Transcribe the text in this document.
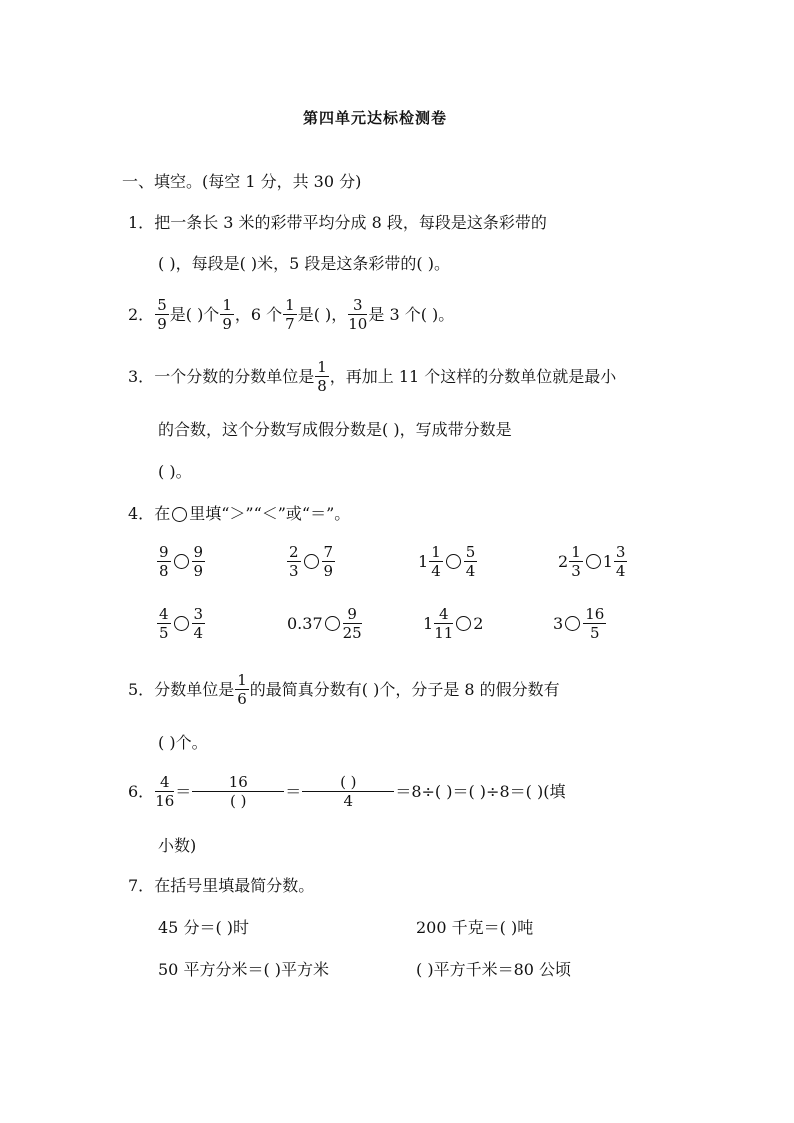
第四单元达标检测卷
一、填空。(每空 1 分，共 30 分)
1．把一条长 3 米的彩带平均分成 8 段，每段是这条彩带的
( )，每段是( )米，5 段是这条彩带的( )。
2． $\frac{5}{9}$ 是( )个 $\frac{1}{9}$ ，6 个 $\frac{1}{7}$ 是( )， $\frac{3}{10}$ 是 3 个( )。
3． 一个分数的分数单位是 $\frac{1}{8}$ ，再加上 11 个这样的分数单位就是最小
的合数，这个分数写成假分数是( )，写成带分数是
( )。
4． 在 里填“＞”“＜”或“＝”。
$\frac{9}{8} \frac{9}{9}$	$\frac{2}{3} \frac{7}{9}$	$1 \frac{1}{4} \frac{5}{4}$	$2 \frac{1}{3} 1 \frac{3}{4}$
$\frac{4}{5} \frac{3}{4}$	$0.37 \frac{9}{25}$	$1 \frac{4}{11} 2$	$3 \frac{16}{5}$
5． 分数单位是 $\frac{1}{6}$ 的最简真分数有( )个，分子是 8 的假分数有
( )个。
6． $\frac{4}{16} = \frac{16}{( )} = \frac{( )}{4} =8\div$( )＝( )÷8＝( )(填
小数)
7．在括号里填最简分数。
45 分＝( )时	200 千克＝( )吨
50 平方分米＝( )平方米	( )平方千米＝80 公顷
